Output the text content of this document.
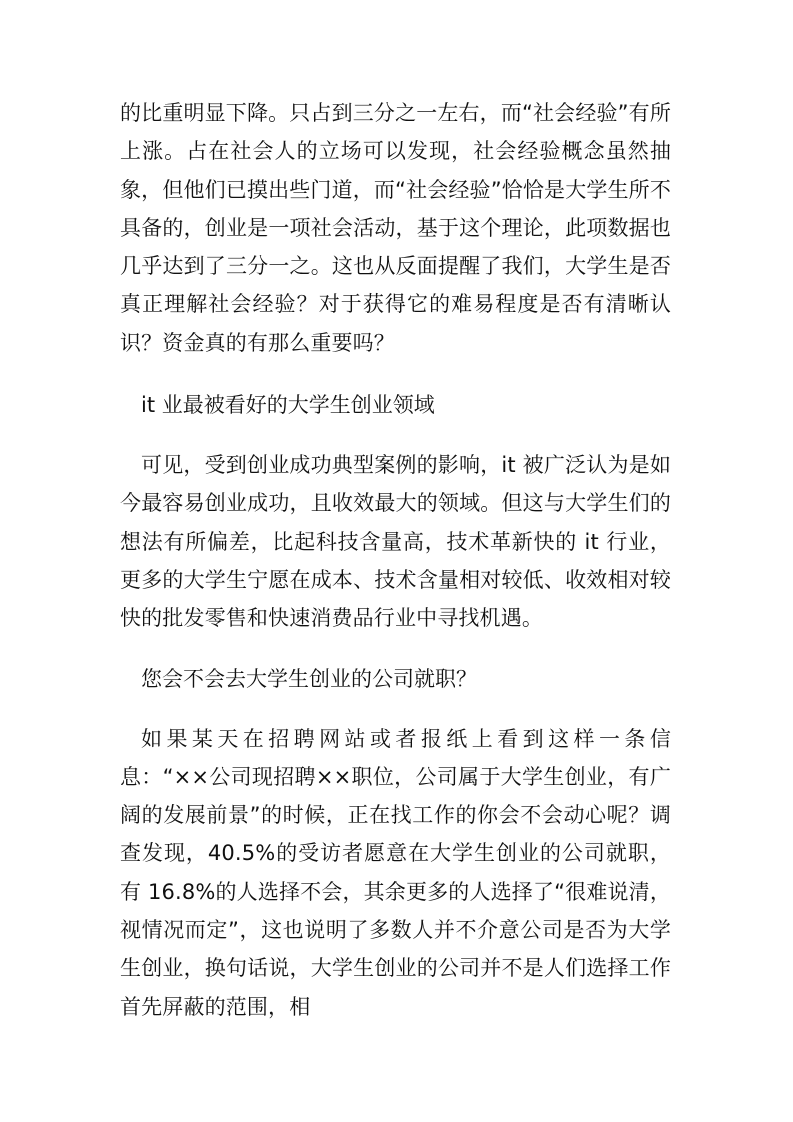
的比重明显下降。只占到三分之一左右，而“社会经验”有所上涨。占在社会人的立场可以发现，社会经验概念虽然抽象，但他们已摸出些门道，而“社会经验”恰恰是大学生所不具备的，创业是一项社会活动，基于这个理论，此项数据也几乎达到了三分一之。这也从反面提醒了我们，大学生是否真正理解社会经验？对于获得它的难易程度是否有清晰认识？资金真的有那么重要吗？

it 业最被看好的大学生创业领域

可见，受到创业成功典型案例的影响，it 被广泛认为是如今最容易创业成功，且收效最大的领域。但这与大学生们的想法有所偏差，比起科技含量高，技术革新快的 it 行业，更多的大学生宁愿在成本、技术含量相对较低、收效相对较快的批发零售和快速消费品行业中寻找机遇。

您会不会去大学生创业的公司就职？

如果某天在招聘网站或者报纸上看到这样一条信息：“××公司现招聘××职位，公司属于大学生创业，有广阔的发展前景”的时候，正在找工作的你会不会动心呢？调查发现，40.5%的受访者愿意在大学生创业的公司就职，有 16.8%的人选择不会，其余更多的人选择了“很难说清，视情况而定”，这也说明了多数人并不介意公司是否为大学生创业，换句话说，大学生创业的公司并不是人们选择工作首先屏蔽的范围，相
